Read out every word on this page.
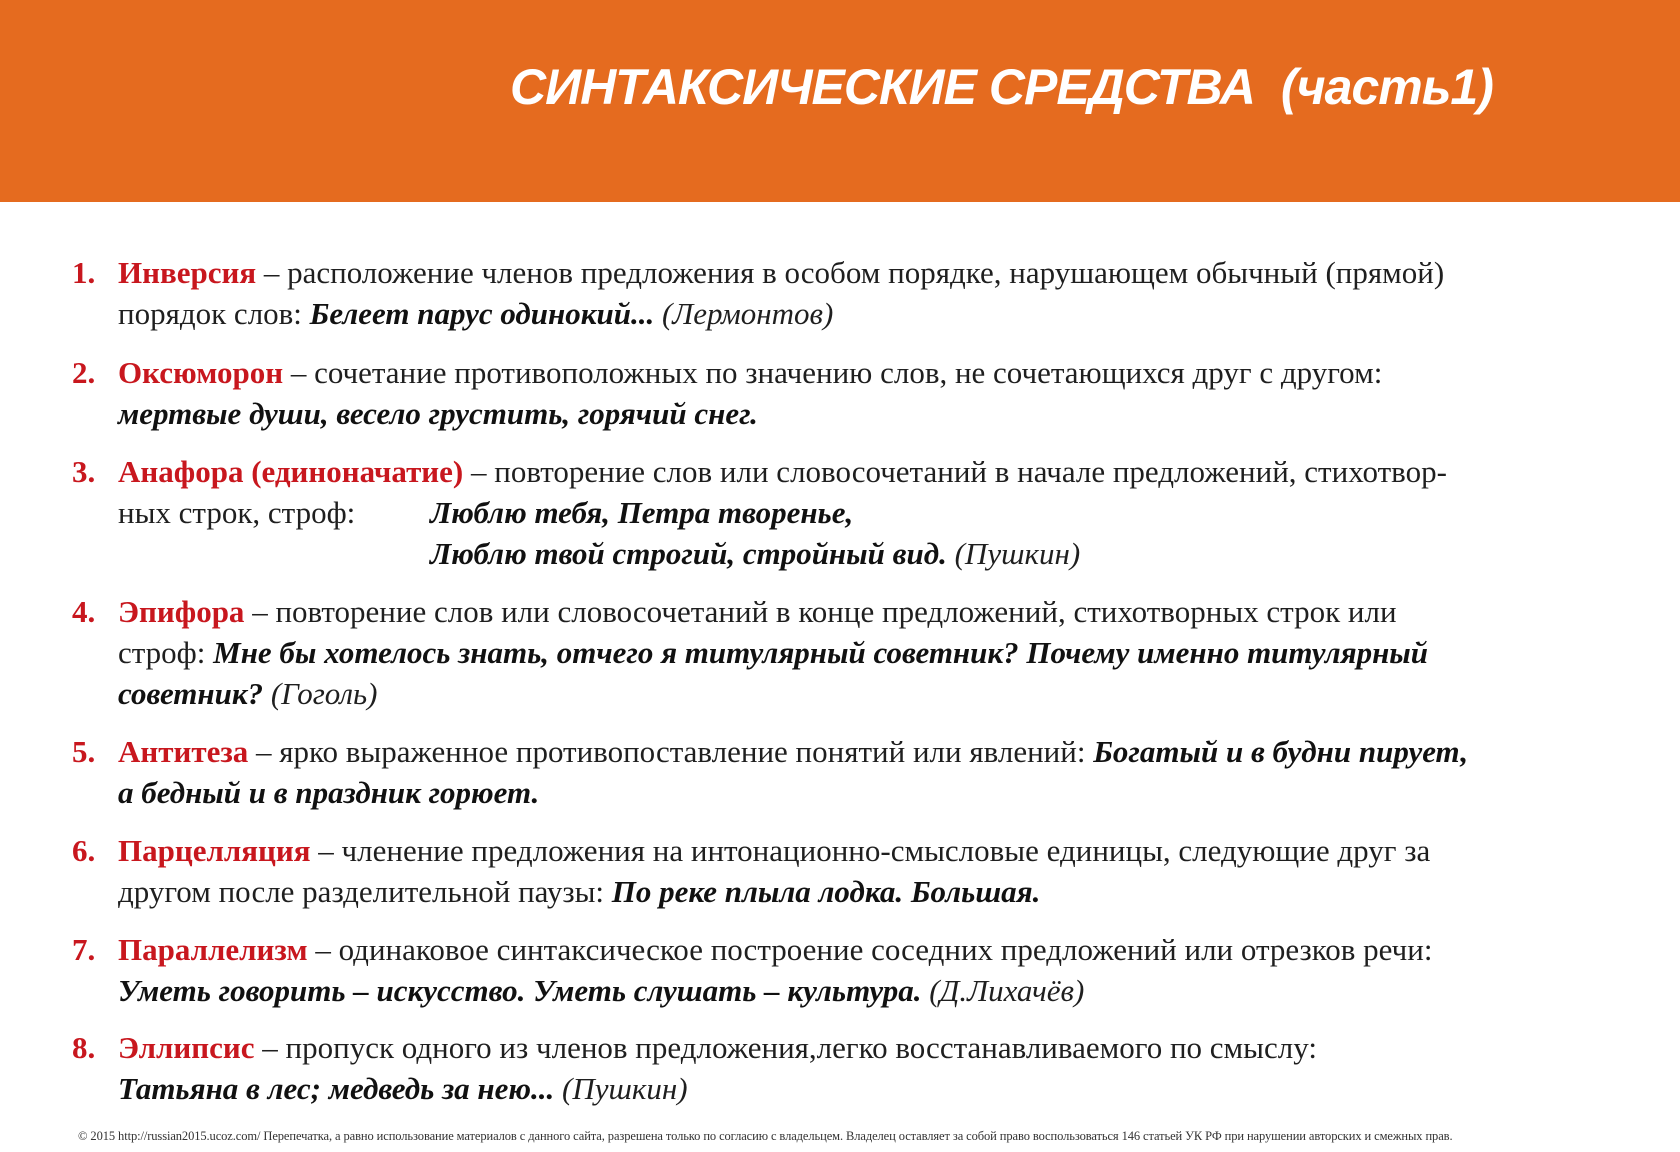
СИНТАКСИЧЕСКИЕ СРЕДСТВА (часть1)
1. Инверсия – расположение членов предложения в особом порядке, нарушающем обычный (прямой)
порядок слов: Белеет парус одинокий... (Лермонтов)
2. Оксюморон – сочетание противоположных по значению слов, не сочетающихся друг с другом:
мертвые души, весело грустить, горячий снег.
3. Анафора (единоначатие) – повторение слов или словосочетаний в начале предложений, стихотвор-
ных строк, строф: Люблю тебя, Петра творенье,
Люблю твой строгий, стройный вид. (Пушкин)
4. Эпифора – повторение слов или словосочетаний в конце предложений, стихотворных строк или
строф: Мне бы хотелось знать, отчего я титулярный советник? Почему именно титулярный
советник? (Гоголь)
5. Антитеза – ярко выраженное противопоставление понятий или явлений: Богатый и в будни пирует,
а бедный и в праздник горюет.
6. Парцелляция – членение предложения на интонационно-смысловые единицы, следующие друг за
другом после разделительной паузы: По реке плыла лодка. Большая.
7. Параллелизм – одинаковое синтаксическое построение соседних предложений или отрезков речи:
Уметь говорить – искусство. Уметь слушать – культура. (Д.Лихачёв)
8. Эллипсис – пропуск одного из членов предложения,легко восстанавливаемого по смыслу:
Татьяна в лес; медведь за нею... (Пушкин)
© 2015 http://russian2015.ucoz.com/ Перепечатка, а равно использование материалов с данного сайта, разрешена только по согласию с владельцем. Владелец оставляет за собой право воспользоваться 146 статьей УК РФ при нарушении авторских и смежных прав.
